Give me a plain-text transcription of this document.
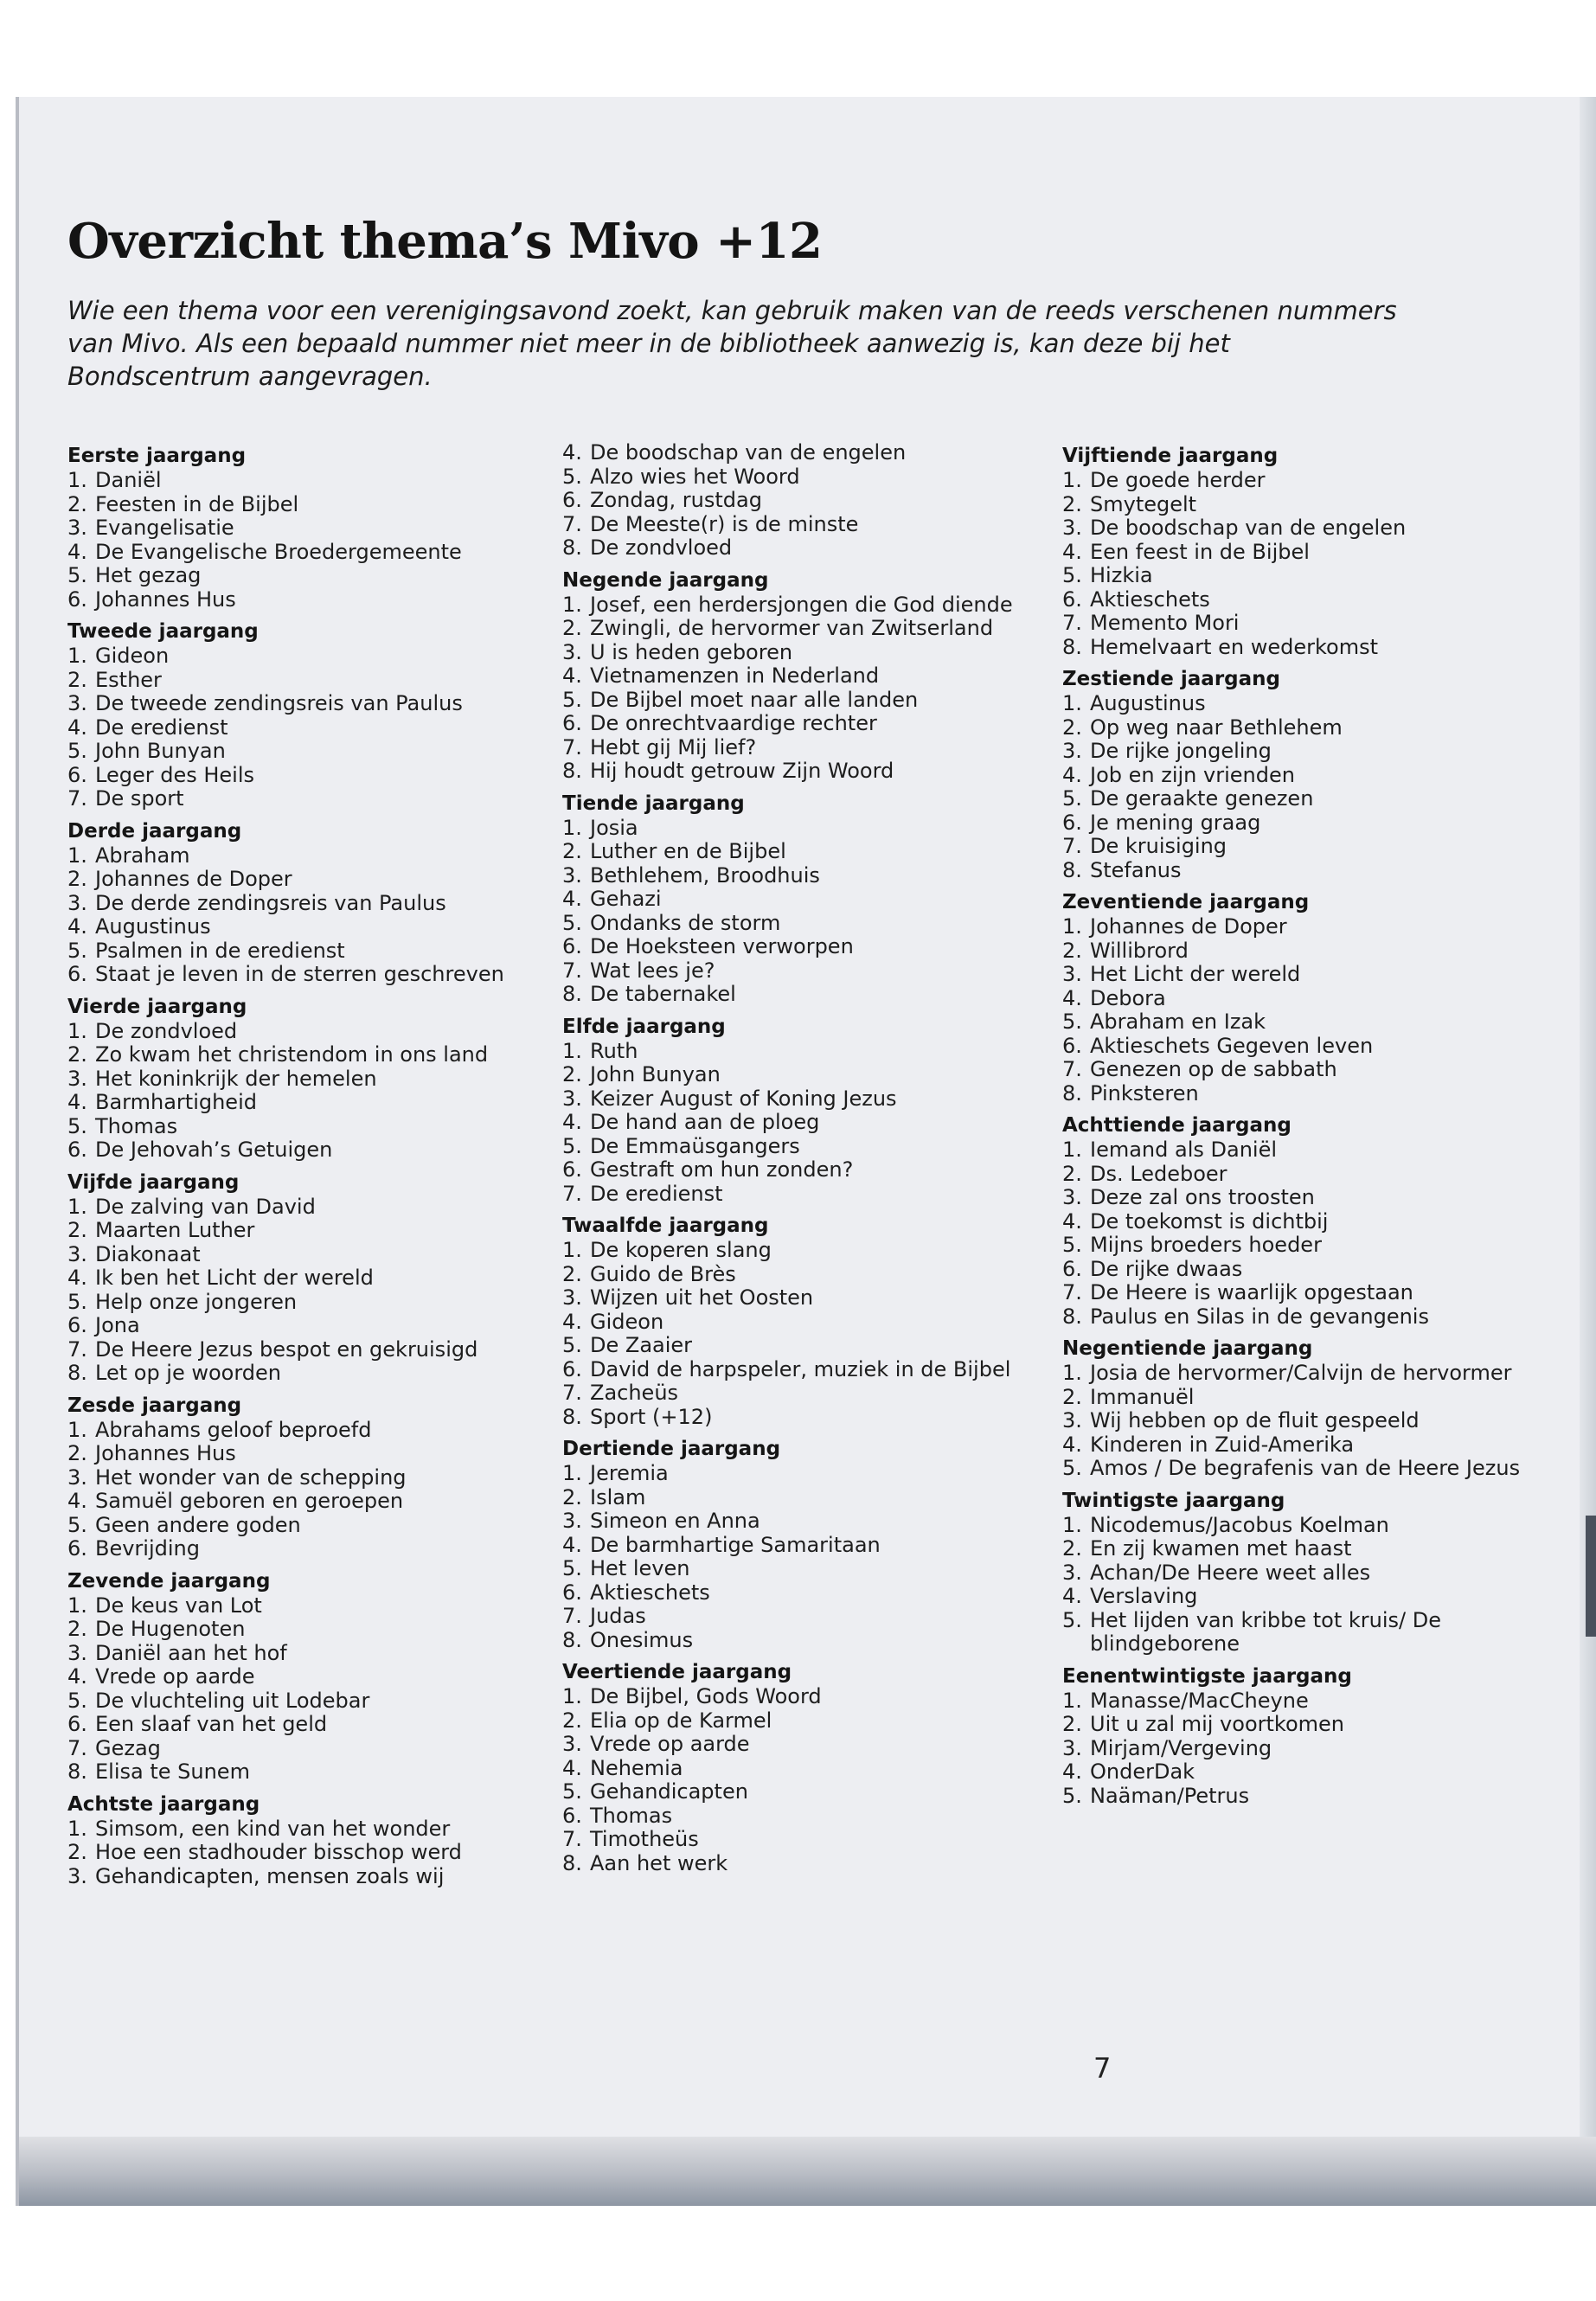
Overzicht thema’s Mivo +12

Wie een thema voor een verenigingsavond zoekt, kan gebruik maken van de reeds verschenen nummers van Mivo. Als een bepaald nummer niet meer in de bibliotheek aanwezig is, kan deze bij het Bondscentrum aangevragen.

Eerste jaargang
1. Daniël
2. Feesten in de Bijbel
3. Evangelisatie
4. De Evangelische Broedergemeente
5. Het gezag
6. Johannes Hus
Tweede jaargang
1. Gideon
2. Esther
3. De tweede zendingsreis van Paulus
4. De eredienst
5. John Bunyan
6. Leger des Heils
7. De sport
Derde jaargang
1. Abraham
2. Johannes de Doper
3. De derde zendingsreis van Paulus
4. Augustinus
5. Psalmen in de eredienst
6. Staat je leven in de sterren geschreven
Vierde jaargang
1. De zondvloed
2. Zo kwam het christendom in ons land
3. Het koninkrijk der hemelen
4. Barmhartigheid
5. Thomas
6. De Jehovah’s Getuigen
Vijfde jaargang
1. De zalving van David
2. Maarten Luther
3. Diakonaat
4. Ik ben het Licht der wereld
5. Help onze jongeren
6. Jona
7. De Heere Jezus bespot en gekruisigd
8. Let op je woorden
Zesde jaargang
1. Abrahams geloof beproefd
2. Johannes Hus
3. Het wonder van de schepping
4. Samuël geboren en geroepen
5. Geen andere goden
6. Bevrijding
Zevende jaargang
1. De keus van Lot
2. De Hugenoten
3. Daniël aan het hof
4. Vrede op aarde
5. De vluchteling uit Lodebar
6. Een slaaf van het geld
7. Gezag
8. Elisa te Sunem
Achtste jaargang
1. Simsom, een kind van het wonder
2. Hoe een stadhouder bisschop werd
3. Gehandicapten, mensen zoals wij
4. De boodschap van de engelen
5. Alzo wies het Woord
6. Zondag, rustdag
7. De Meeste(r) is de minste
8. De zondvloed
Negende jaargang
1. Josef, een herdersjongen die God diende
2. Zwingli, de hervormer van Zwitserland
3. U is heden geboren
4. Vietnamenzen in Nederland
5. De Bijbel moet naar alle landen
6. De onrechtvaardige rechter
7. Hebt gij Mij lief?
8. Hij houdt getrouw Zijn Woord
Tiende jaargang
1. Josia
2. Luther en de Bijbel
3. Bethlehem, Broodhuis
4. Gehazi
5. Ondanks de storm
6. De Hoeksteen verworpen
7. Wat lees je?
8. De tabernakel
Elfde jaargang
1. Ruth
2. John Bunyan
3. Keizer August of Koning Jezus
4. De hand aan de ploeg
5. De Emmaüsgangers
6. Gestraft om hun zonden?
7. De eredienst
Twaalfde jaargang
1. De koperen slang
2. Guido de Brès
3. Wijzen uit het Oosten
4. Gideon
5. De Zaaier
6. David de harpspeler, muziek in de Bijbel
7. Zacheüs
8. Sport (+12)
Dertiende jaargang
1. Jeremia
2. Islam
3. Simeon en Anna
4. De barmhartige Samaritaan
5. Het leven
6. Aktieschets
7. Judas
8. Onesimus
Veertiende jaargang
1. De Bijbel, Gods Woord
2. Elia op de Karmel
3. Vrede op aarde
4. Nehemia
5. Gehandicapten
6. Thomas
7. Timotheüs
8. Aan het werk
Vijftiende jaargang
1. De goede herder
2. Smytegelt
3. De boodschap van de engelen
4. Een feest in de Bijbel
5. Hizkia
6. Aktieschets
7. Memento Mori
8. Hemelvaart en wederkomst
Zestiende jaargang
1. Augustinus
2. Op weg naar Bethlehem
3. De rijke jongeling
4. Job en zijn vrienden
5. De geraakte genezen
6. Je mening graag
7. De kruisiging
8. Stefanus
Zeventiende jaargang
1. Johannes de Doper
2. Willibrord
3. Het Licht der wereld
4. Debora
5. Abraham en Izak
6. Aktieschets Gegeven leven
7. Genezen op de sabbath
8. Pinksteren
Achttiende jaargang
1. Iemand als Daniël
2. Ds. Ledeboer
3. Deze zal ons troosten
4. De toekomst is dichtbij
5. Mijns broeders hoeder
6. De rijke dwaas
7. De Heere is waarlijk opgestaan
8. Paulus en Silas in de gevangenis
Negentiende jaargang
1. Josia de hervormer/Calvijn de hervormer
2. Immanuël
3. Wij hebben op de fluit gespeeld
4. Kinderen in Zuid-Amerika
5. Amos / De begrafenis van de Heere Jezus
Twintigste jaargang
1. Nicodemus/Jacobus Koelman
2. En zij kwamen met haast
3. Achan/De Heere weet alles
4. Verslaving
5. Het lijden van kribbe tot kruis/ De blindgeborene
Eenentwintigste jaargang
1. Manasse/MacCheyne
2. Uit u zal mij voortkomen
3. Mirjam/Vergeving
4. OnderDak
5. Naäman/Petrus
7
